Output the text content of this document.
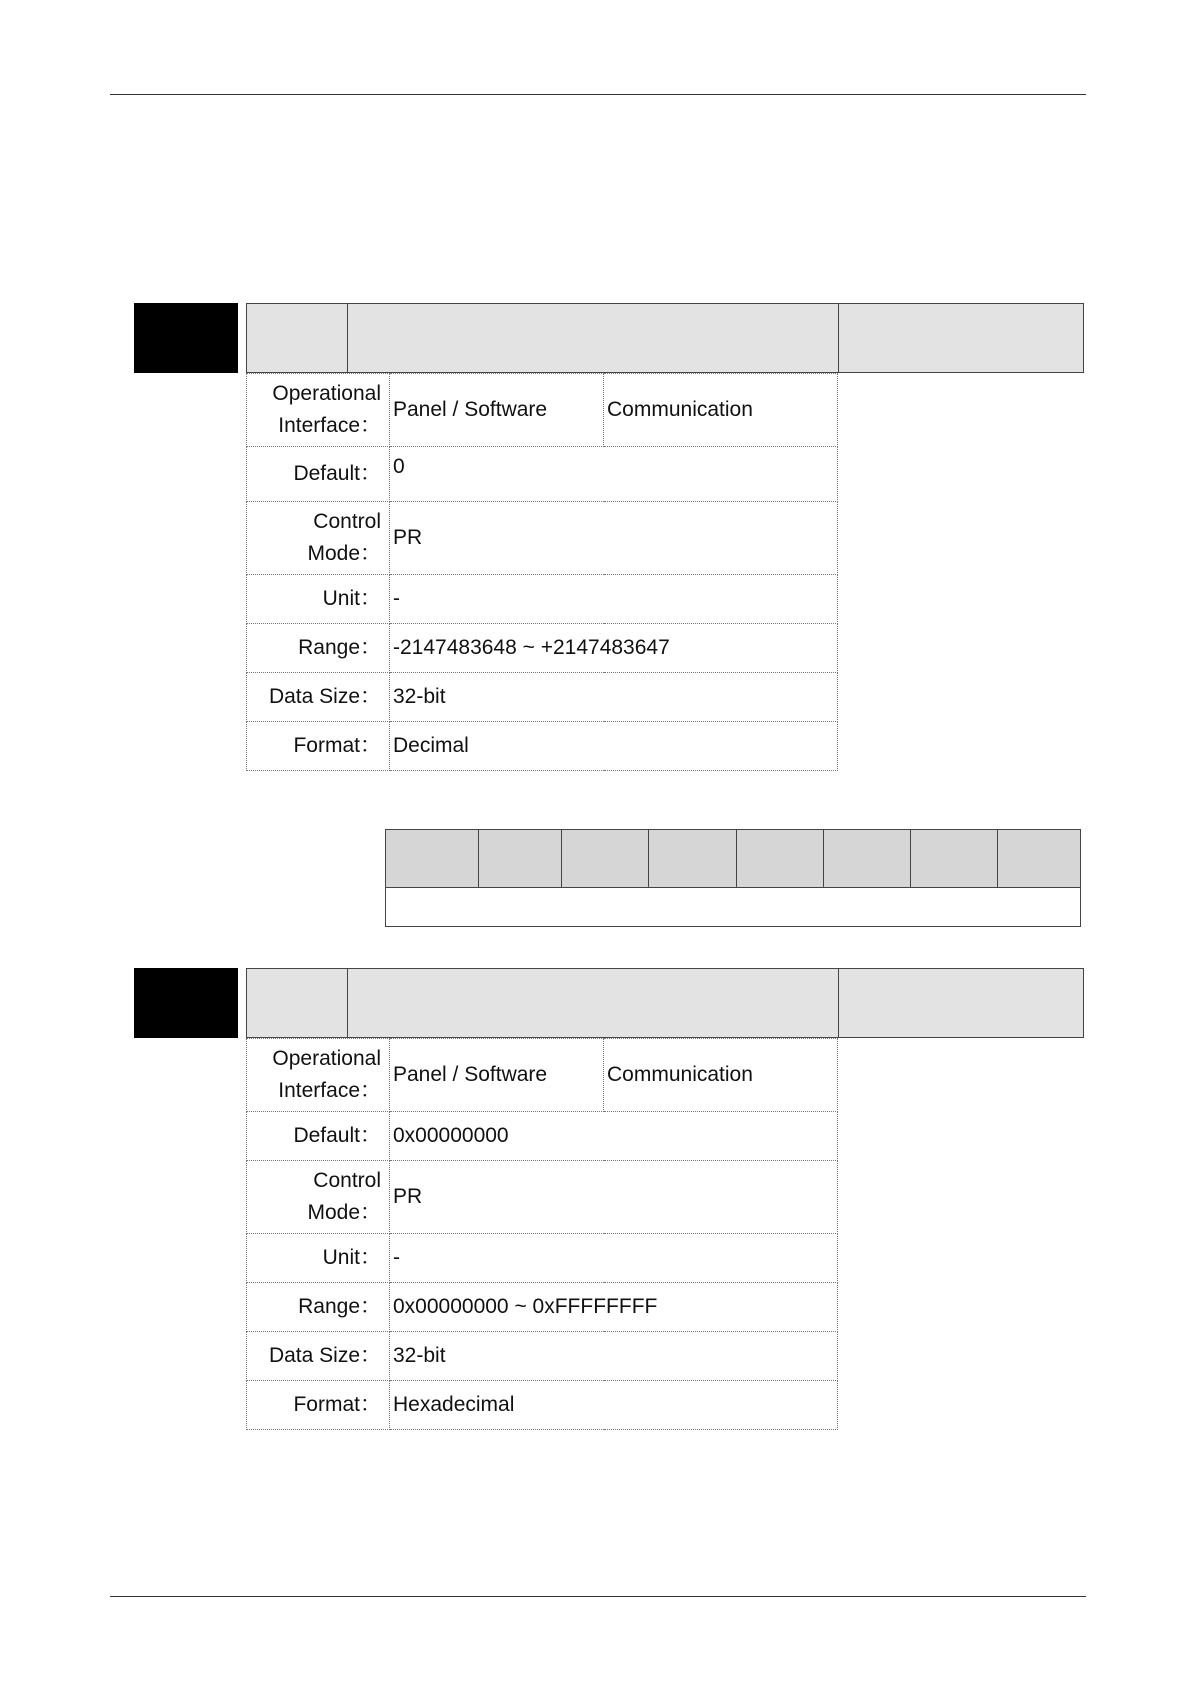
Operational
Interface：	Panel / Software	Communication
Default：	0	

Control
Mode：	PR	
Unit：	-	
Range：	-2147483648 ~ +2147483647	
Data Size：	32-bit	
Format：	Decimal	
Operational
Interface：	Panel / Software	Communication
Default：	0x00000000	

Control
Mode：	PR	
Unit：	-	
Range：	0x00000000 ~ 0xFFFFFFFF	
Data Size：	32-bit	
Format：	Hexadecimal	
